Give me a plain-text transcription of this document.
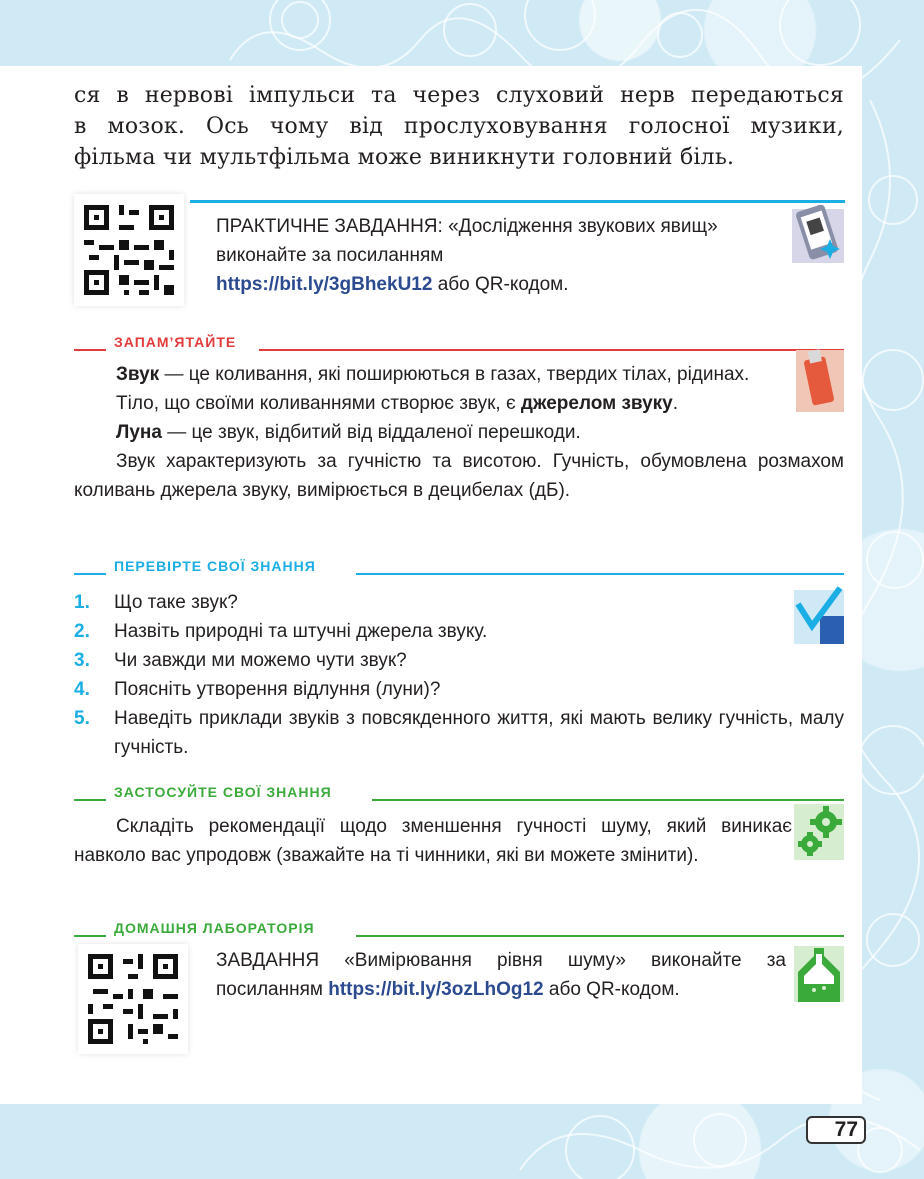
ся в нервові імпульси та через слуховий нерв передаються
в мозок. Ось чому від прослуховування голосної музики,
фільма чи мультфільма може виникнути головний біль.
ПРАКТИЧНЕ ЗАВДАННЯ: «Дослідження звукових явищ» виконайте за посиланням
https://bit.ly/3gBhekU12 або QR-кодом.
ЗАПАМ’ЯТАЙТЕ

Звук — це коливання, які поширюються в газах, твердих тілах, рідинах.

Тіло, що своїми коливаннями створює звук, є джерелом звуку.

Луна — це звук, відбитий від віддаленої перешкоди.

Звук характеризують за гучністю та висотою. Гучність, обумовлена розмахом коливань джерела звуку, вимірюється в децибелах (дБ).

ПЕРЕВІРТЕ СВОЇ ЗНАННЯ
1. Що таке звук?
2. Назвіть природні та штучні джерела звуку.
3. Чи завжди ми можемо чути звук?
4. Поясніть утворення відлуння (луни)?
5. Наведіть приклади звуків з повсякденного життя, які мають велику гучність, малу гучність.
ЗАСТОСУЙТЕ СВОЇ ЗНАННЯ

Складіть рекомендації щодо зменшення гучності шуму, який виникає навколо вас упродовж (зважайте на ті чинники, які ви можете змінити).

ДОМАШНЯ ЛАБОРАТОРІЯ
ЗАВДАННЯ «Вимірювання рівня шуму» виконайте за посиланням https://bit.ly/3ozLhOg12 або QR-кодом.
77
